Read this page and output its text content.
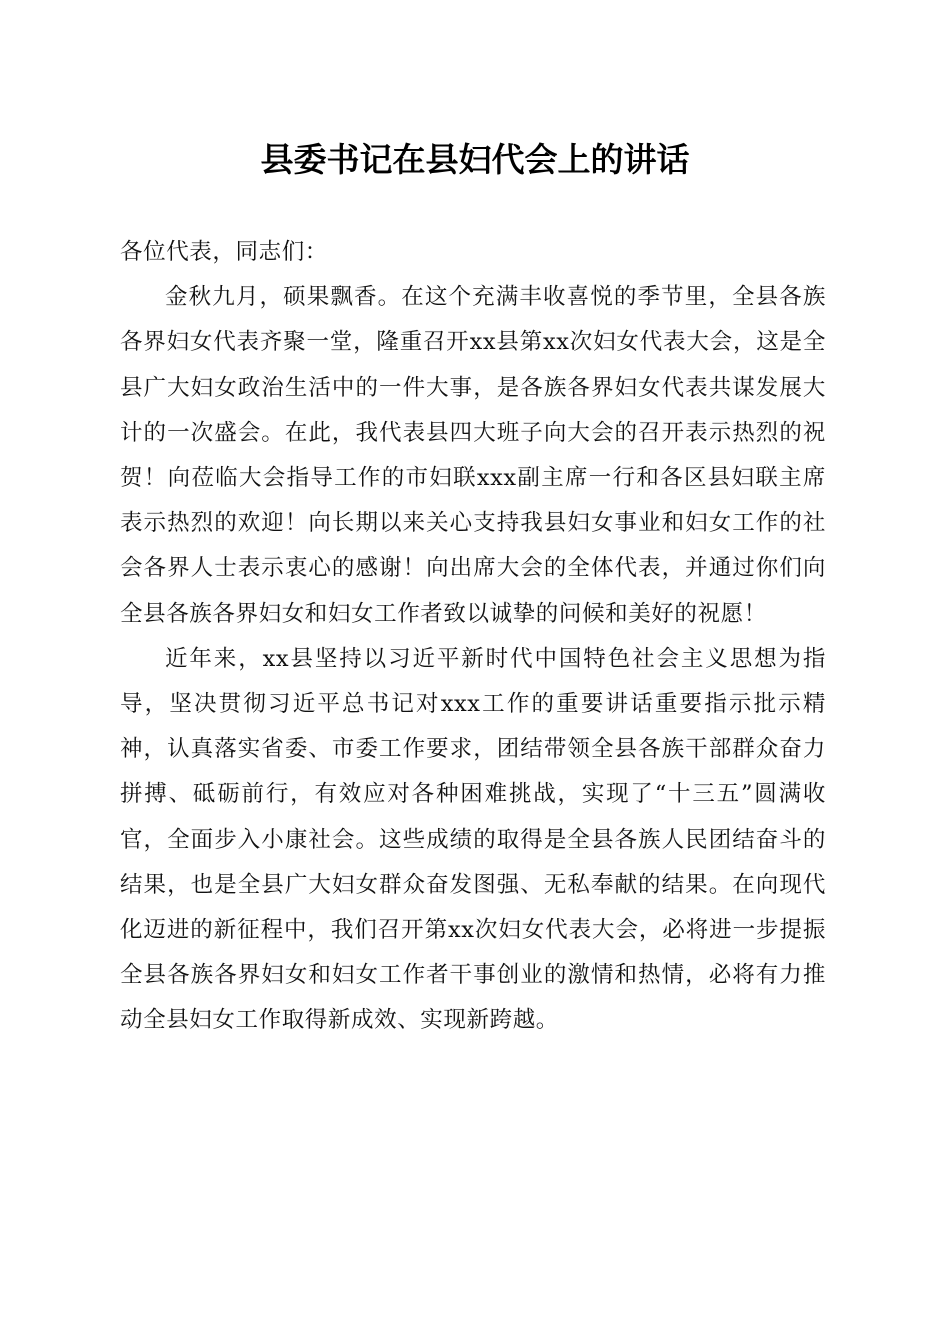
县委书记在县妇代会上的讲话

各位代表，同志们：

金秋九月，硕果飘香。在这个充满丰收喜悦的季节里，全县各族各界妇女代表齐聚一堂，隆重召开xx县第xx次妇女代表大会，这是全县广大妇女政治生活中的一件大事，是各族各界妇女代表共谋发展大计的一次盛会。在此，我代表县四大班子向大会的召开表示热烈的祝贺！向莅临大会指导工作的市妇联xxx副主席一行和各区县妇联主席表示热烈的欢迎！向长期以来关心支持我县妇女事业和妇女工作的社会各界人士表示衷心的感谢！向出席大会的全体代表，并通过你们向全县各族各界妇女和妇女工作者致以诚挚的问候和美好的祝愿！

近年来，xx县坚持以习近平新时代中国特色社会主义思想为指导，坚决贯彻习近平总书记对xxx工作的重要讲话重要指示批示精神，认真落实省委、市委工作要求，团结带领全县各族干部群众奋力拼搏、砥砺前行，有效应对各种困难挑战，实现了“十三五”圆满收官，全面步入小康社会。这些成绩的取得是全县各族人民团结奋斗的结果，也是全县广大妇女群众奋发图强、无私奉献的结果。在向现代化迈进的新征程中，我们召开第xx次妇女代表大会，必将进一步提振全县各族各界妇女和妇女工作者干事创业的激情和热情，必将有力推动全县妇女工作取得新成效、实现新跨越。
